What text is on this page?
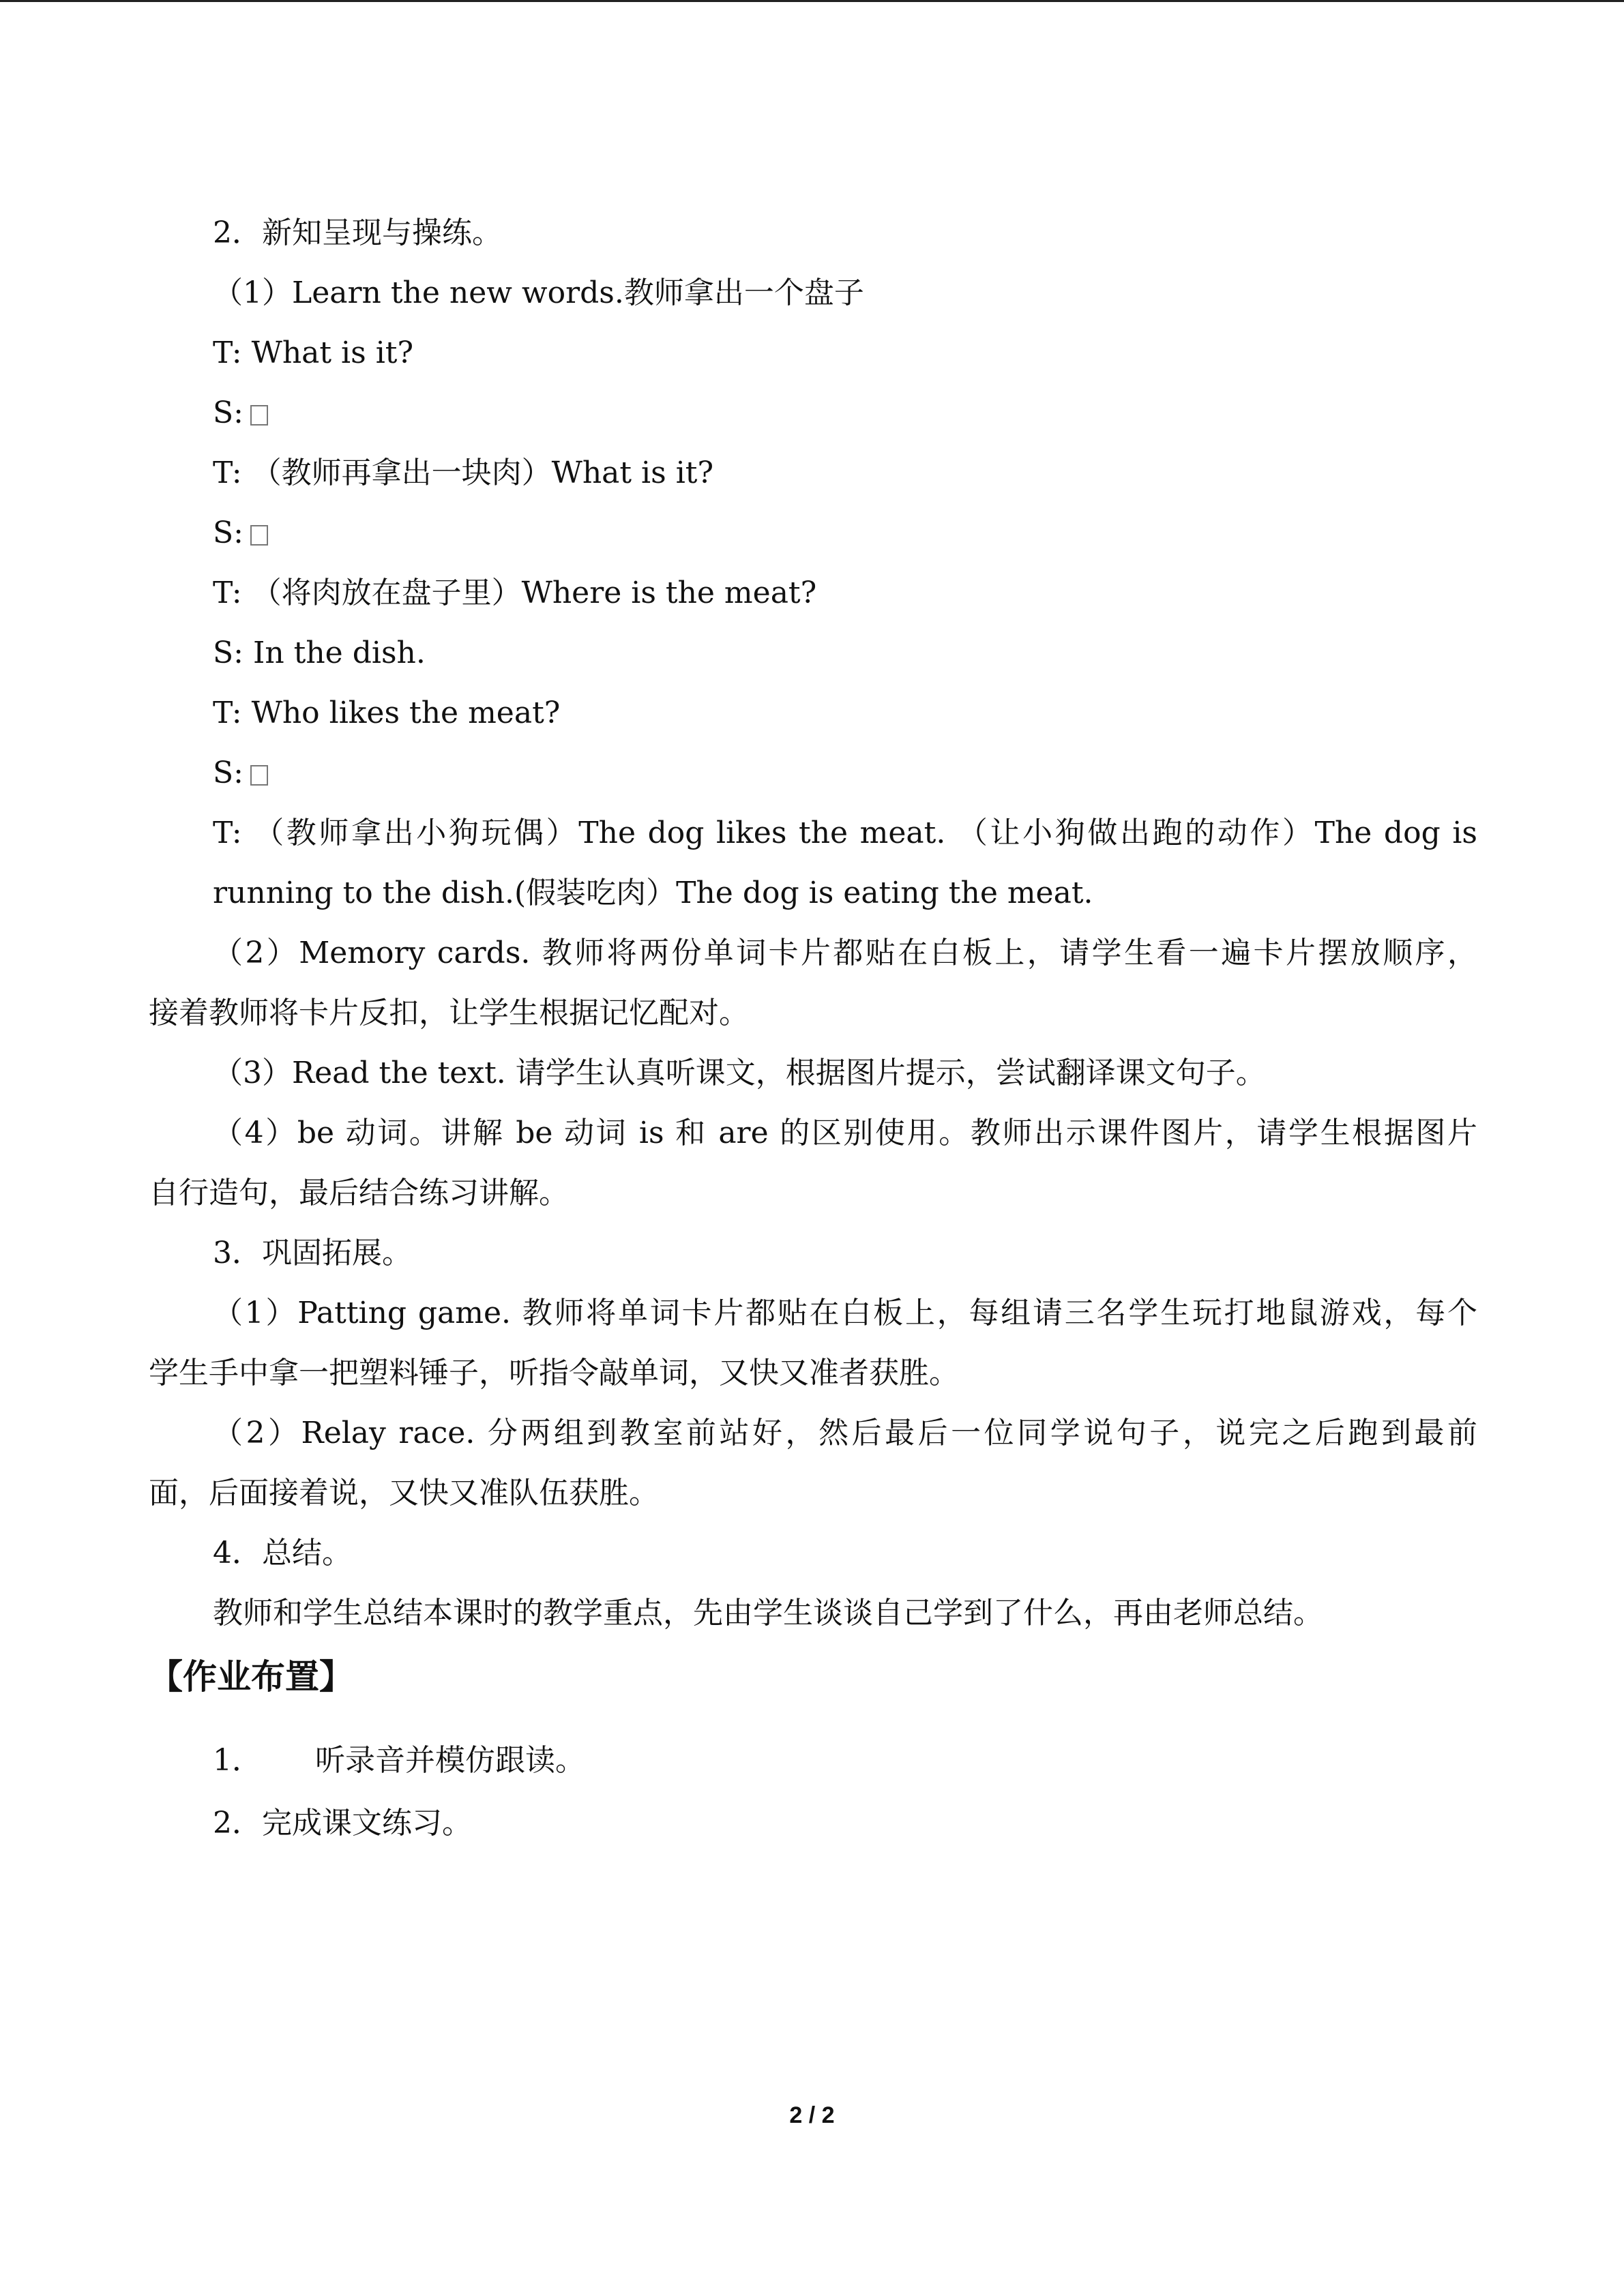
2．新知呈现与操练。
（1）Learn the new words.教师拿出一个盘子
T: What is it?
S:
T: （教师再拿出一块肉）What is it?
S:
T: （将肉放在盘子里）Where is the meat?
S: In the dish.
T: Who likes the meat?
S:
T: （教师拿出小狗玩偶）The dog likes the meat. （让小狗做出跑的动作）The dog is
running to the dish.(假装吃肉）The dog is eating the meat.
（2）Memory cards. 教师将两份单词卡片都贴在白板上，请学生看一遍卡片摆放顺序，
接着教师将卡片反扣，让学生根据记忆配对。
（3）Read the text. 请学生认真听课文，根据图片提示，尝试翻译课文句子。
（4）be 动词。讲解 be 动词 is 和 are 的区别使用。教师出示课件图片，请学生根据图片
自行造句，最后结合练习讲解。
3．巩固拓展。
（1）Patting game. 教师将单词卡片都贴在白板上，每组请三名学生玩打地鼠游戏，每个
学生手中拿一把塑料锤子，听指令敲单词，又快又准者获胜。
（2）Relay race. 分两组到教室前站好，然后最后一位同学说句子，说完之后跑到最前
面，后面接着说，又快又准队伍获胜。
4．总结。
教师和学生总结本课时的教学重点，先由学生谈谈自己学到了什么，再由老师总结。
【作业布置】
1． 听录音并模仿跟读。
2．完成课文练习。
2 / 2
